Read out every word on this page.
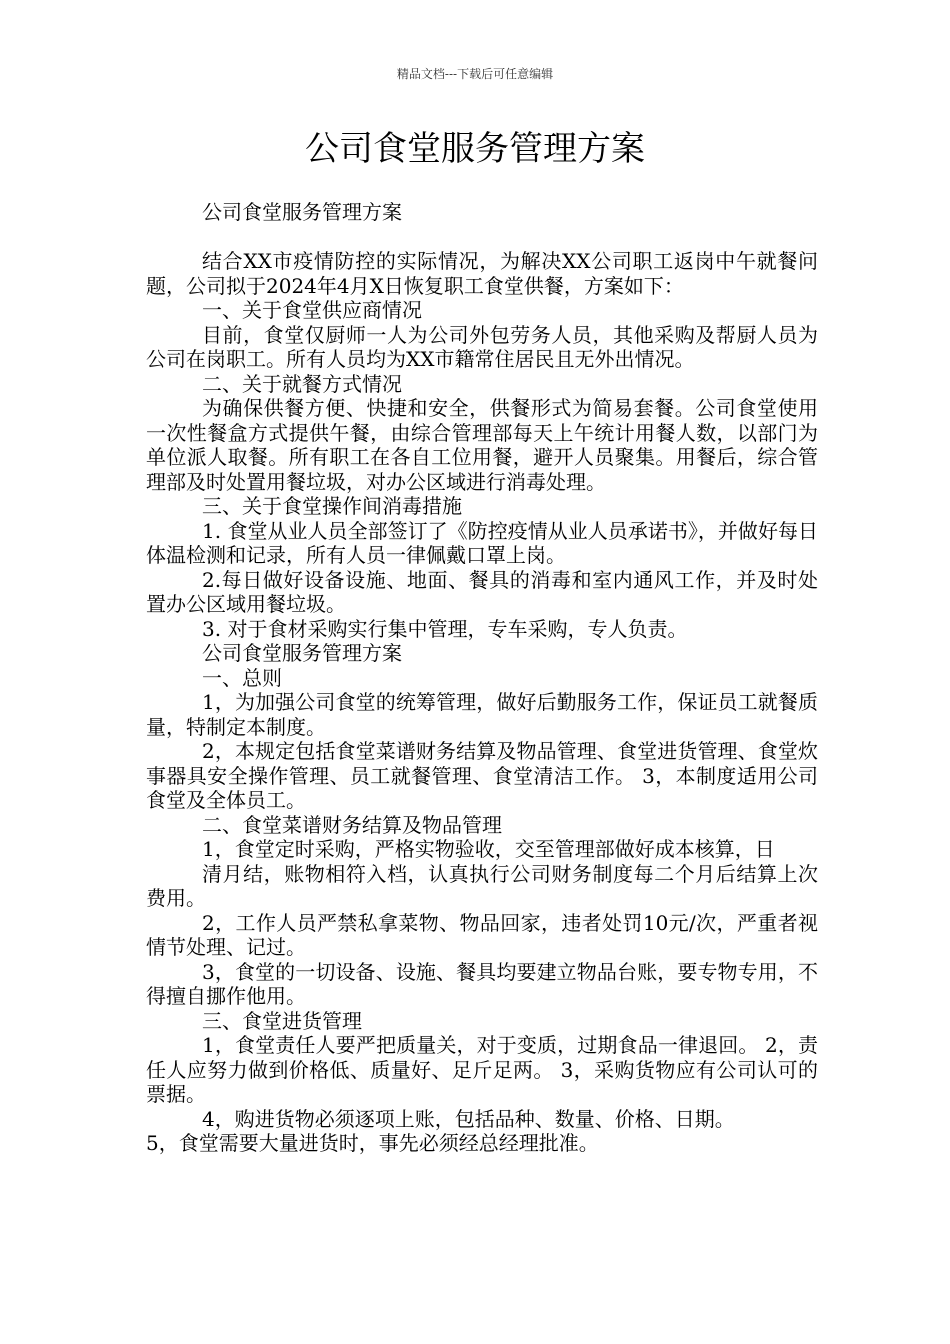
精品文档---下载后可任意编辑
公司食堂服务管理方案
公司食堂服务管理方案

结合XX市疫情防控的实际情况，为解决XX公司职工返岗中午就餐问题，公司拟于2024年4月X日恢复职工食堂供餐，方案如下：

一、关于食堂供应商情况

目前，食堂仅厨师一人为公司外包劳务人员，其他采购及帮厨人员为公司在岗职工。所有人员均为XX市籍常住居民且无外出情况。

二、关于就餐方式情况

为确保供餐方便、快捷和安全，供餐形式为简易套餐。公司食堂使用一次性餐盒方式提供午餐，由综合管理部每天上午统计用餐人数，以部门为单位派人取餐。所有职工在各自工位用餐，避开人员聚集。用餐后，综合管理部及时处置用餐垃圾，对办公区域进行消毒处理。

三、关于食堂操作间消毒措施

1. 食堂从业人员全部签订了《防控疫情从业人员承诺书》，并做好每日体温检测和记录，所有人员一律佩戴口罩上岗。

2.每日做好设备设施、地面、餐具的消毒和室内通风工作，并及时处置办公区域用餐垃圾。

3. 对于食材采购实行集中管理，专车采购，专人负责。

公司食堂服务管理方案

一、总则

1，为加强公司食堂的统筹管理，做好后勤服务工作，保证员工就餐质量，特制定本制度。

2，本规定包括食堂菜谱财务结算及物品管理、食堂进货管理、食堂炊事器具安全操作管理、员工就餐管理、食堂清洁工作。 3，本制度适用公司食堂及全体员工。

二、食堂菜谱财务结算及物品管理

1，食堂定时采购，严格实物验收，交至管理部做好成本核算，日

清月结，账物相符入档，认真执行公司财务制度每二个月后结算上次费用。

2，工作人员严禁私拿菜物、物品回家，违者处罚10元/次，严重者视情节处理、记过。

3，食堂的一切设备、设施、餐具均要建立物品台账，要专物专用，不得擅自挪作他用。

三、食堂进货管理

1，食堂责任人要严把质量关，对于变质，过期食品一律退回。 2，责任人应努力做到价格低、质量好、足斤足两。 3，采购货物应有公司认可的票据。

4，购进货物必须逐项上账，包括品种、数量、价格、日期。

5，食堂需要大量进货时，事先必须经总经理批准。
